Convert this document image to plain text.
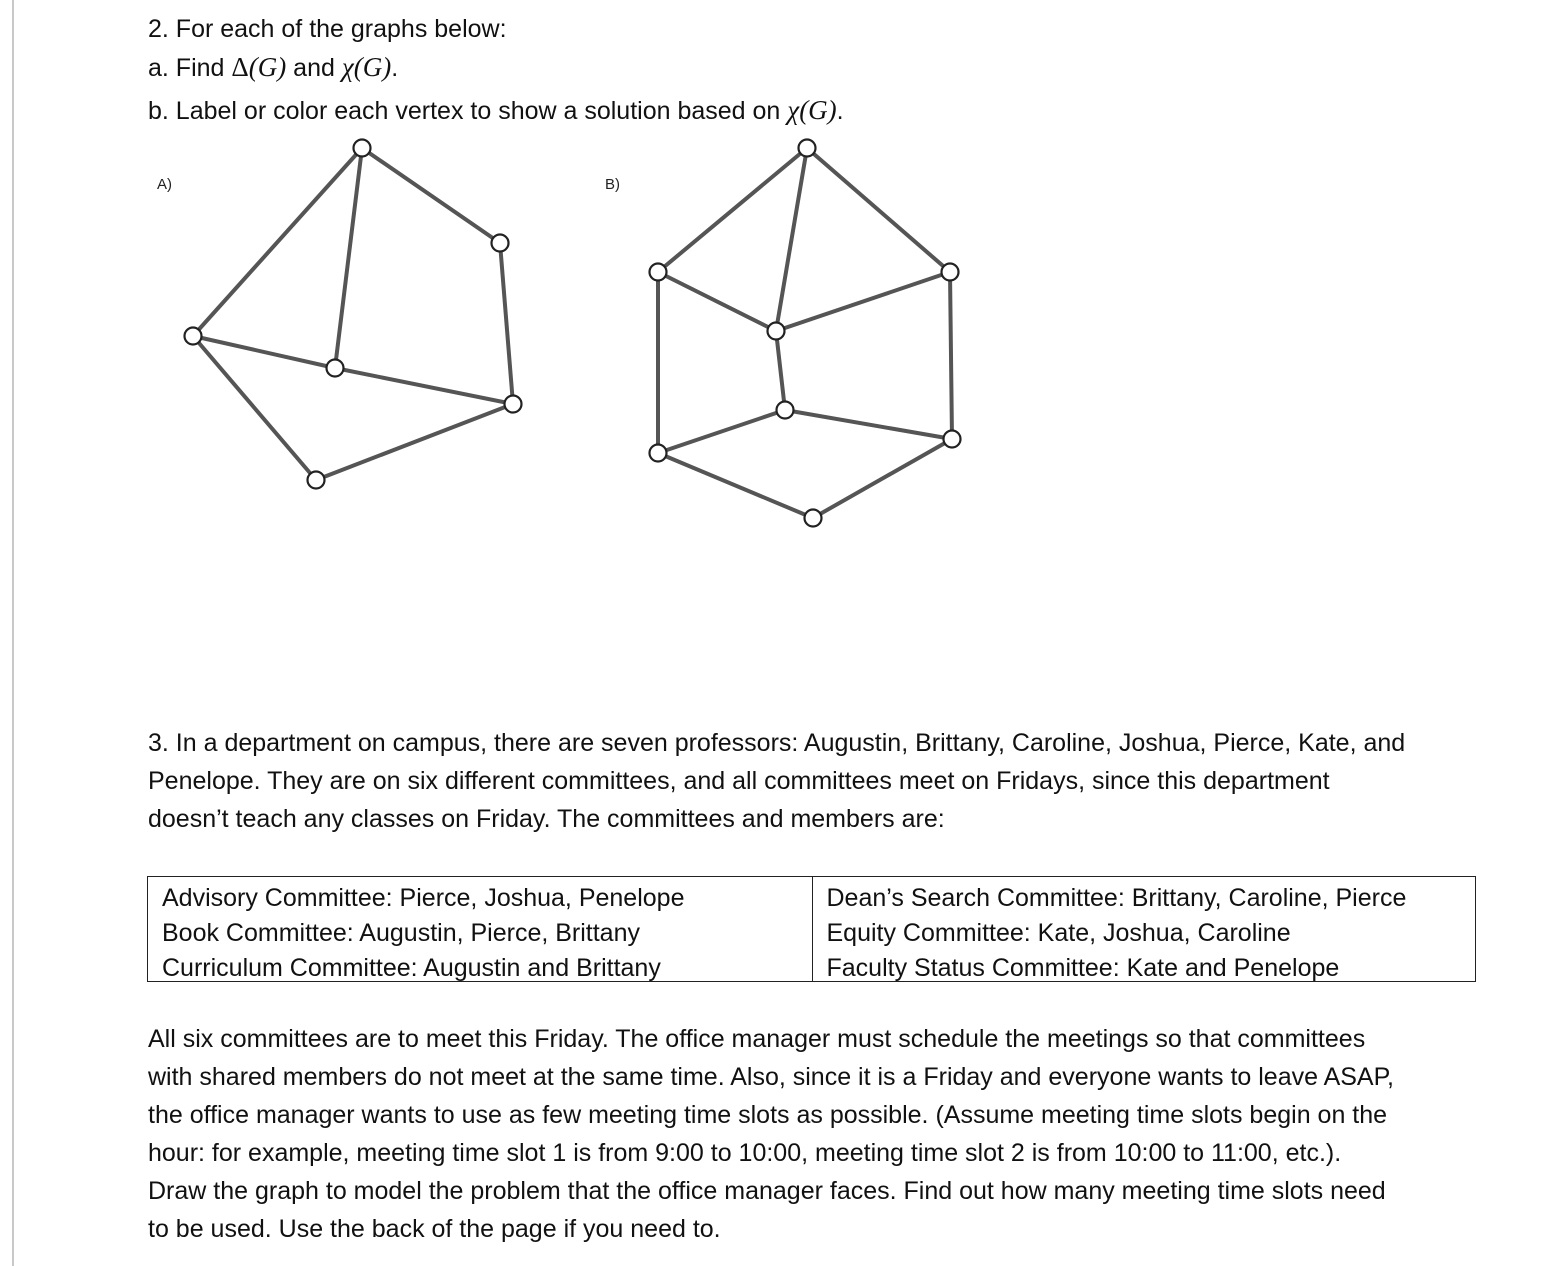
2. For each of the graphs below:
a. Find Δ(G) and χ(G).
b. Label or color each vertex to show a solution based on χ(G).
A)	B)
3. In a department on campus, there are seven professors: Augustin, Brittany, Caroline, Joshua, Pierce, Kate, and
Penelope. They are on six different committees, and all committees meet on Fridays, since this department
doesn’t teach any classes on Friday. The committees and members are:
Advisory Committee: Pierce, Joshua, Penelope
Book Committee: Augustin, Pierce, Brittany
Curriculum Committee: Augustin and Brittany
Dean’s Search Committee: Brittany, Caroline, Pierce
Equity Committee: Kate, Joshua, Caroline
Faculty Status Committee: Kate and Penelope
All six committees are to meet this Friday. The office manager must schedule the meetings so that committees
with shared members do not meet at the same time. Also, since it is a Friday and everyone wants to leave ASAP,
the office manager wants to use as few meeting time slots as possible. (Assume meeting time slots begin on the
hour: for example, meeting time slot 1 is from 9:00 to 10:00, meeting time slot 2 is from 10:00 to 11:00, etc.).
Draw the graph to model the problem that the office manager faces. Find out how many meeting time slots need
to be used. Use the back of the page if you need to.
